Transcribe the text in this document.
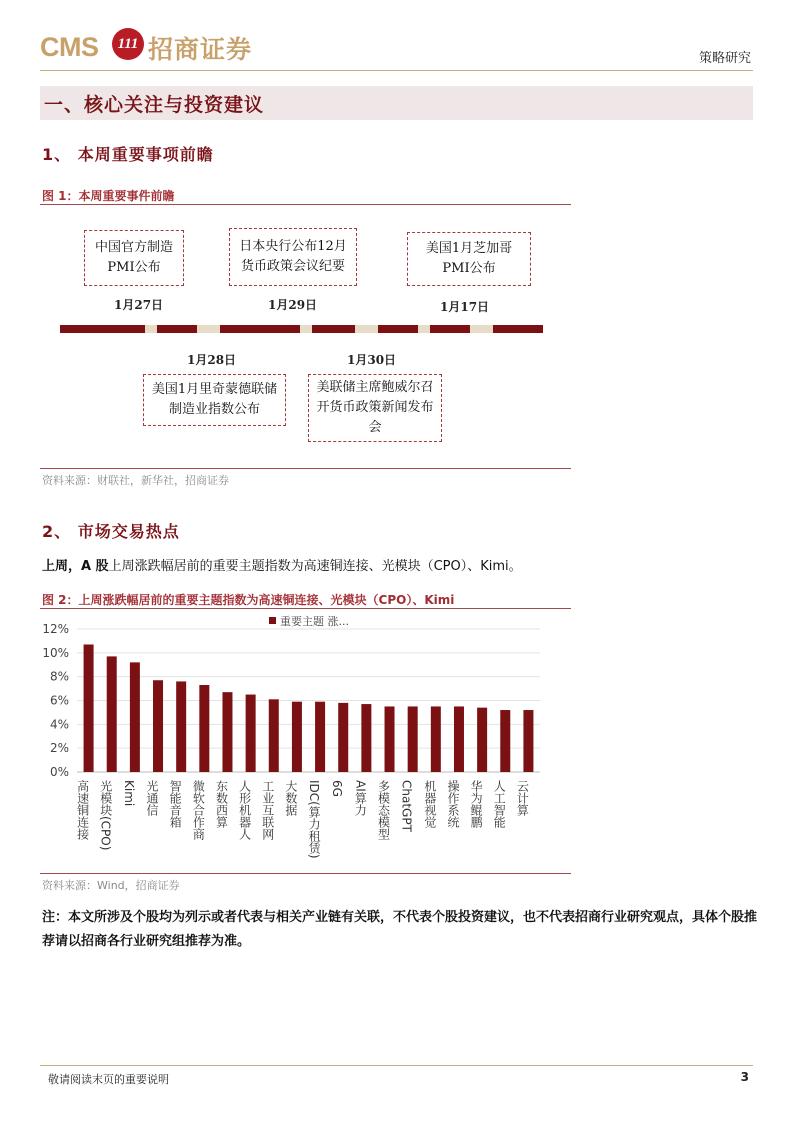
CMS	111 招商证券	策略研究
一、核心关注与投资建议
1、 本周重要事项前瞻
图 1：本周重要事件前瞻
中国官方制造PMI公布
日本央行公布12月货币政策会议纪要
美国1月芝加哥PMI公布
1月27日	1月29日	1月17日
1月28日	1月30日
美国1月里奇蒙德联储制造业指数公布
美联储主席鲍威尔召开货币政策新闻发布会
资料来源：财联社，新华社，招商证券
2、 市场交易热点
上周，A 股上周涨跌幅居前的重要主题指数为高速铜连接、光模块（CPO）、Kimi。
图 2：上周涨跌幅居前的重要主题指数为高速铜连接、光模块（CPO）、Kimi
0%
2%
4%
6%
8%
10%
12%
重要主题 涨...
高速铜连接 光模块(CPO) Kimi 光通信 智能音箱 微软合作商 东数西算 人形机器人 工业互联网 大数据 IDC(算力租赁) 6G AI算力 多模态模型 ChatGPT 机器视觉 操作系统 华为鲲鹏 人工智能 云计算
资料来源：Wind，招商证券
注：本文所涉及个股均为列示或者代表与相关产业链有关联，不代表个股投资建议，也不代表招商行业研究观点，具体个股推荐请以招商各行业研究组推荐为准。
敬请阅读末页的重要说明	3
